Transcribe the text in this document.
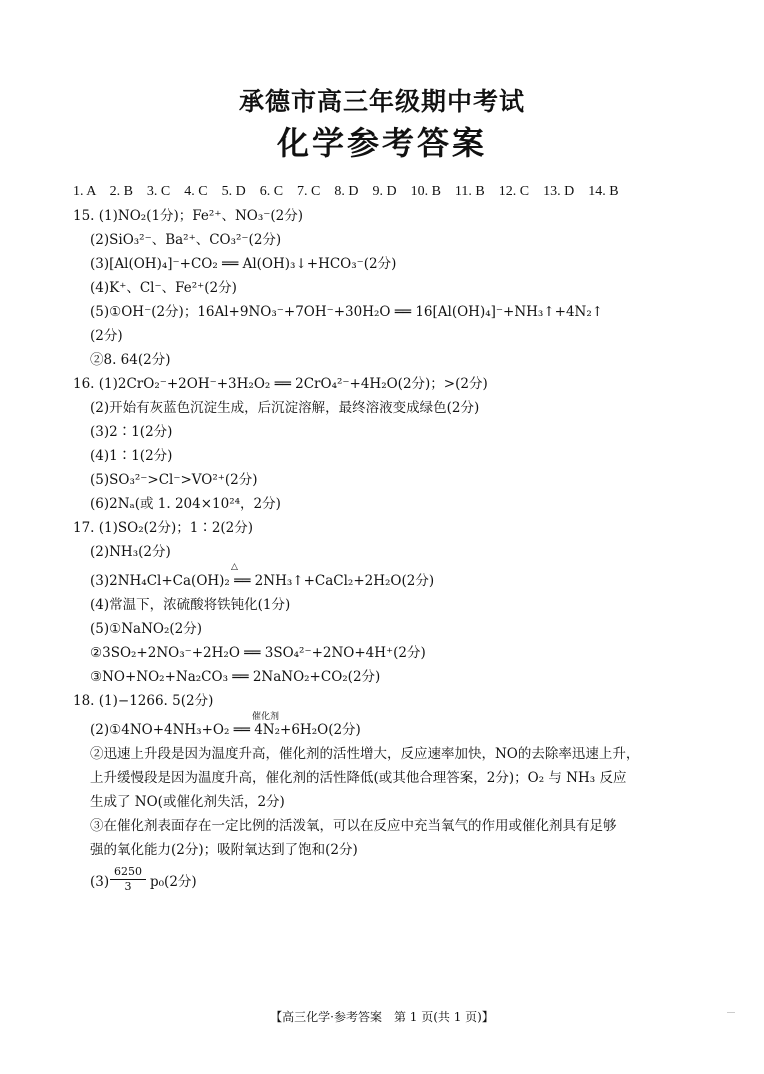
承德市高三年级期中考试
化学参考答案
1. A　2. B　3. C　4. C　5. D　6. C　7. C　8. D　9. D　10. B　11. B　12. C　13. D　14. B
15. (1)NO₂(1分)；Fe²⁺、NO₃⁻(2分)
(2)SiO₃²⁻、Ba²⁺、CO₃²⁻(2分)
(3)[Al(OH)₄]⁻+CO₂ ══ Al(OH)₃↓+HCO₃⁻(2分)
(4)K⁺、Cl⁻、Fe²⁺(2分)
(5)①OH⁻(2分)；16Al+9NO₃⁻+7OH⁻+30H₂O ══ 16[Al(OH)₄]⁻+NH₃↑+4N₂↑
(2分)
②8. 64(2分)
16. (1)2CrO₂⁻+2OH⁻+3H₂O₂ ══ 2CrO₄²⁻+4H₂O(2分)；>(2分)
(2)开始有灰蓝色沉淀生成，后沉淀溶解，最终溶液变成绿色(2分)
(3)2∶1(2分)
(4)1∶1(2分)
(5)SO₃²⁻>Cl⁻>VO²⁺(2分)
(6)2Nₐ(或 1. 204×10²⁴，2分)
17. (1)SO₂(2分)；1∶2(2分)
(2)NH₃(2分)
△
(3)2NH₄Cl+Ca(OH)₂ ══ 2NH₃↑+CaCl₂+2H₂O(2分)
(4)常温下，浓硫酸将铁钝化(1分)
(5)①NaNO₂(2分)
②3SO₂+2NO₃⁻+2H₂O ══ 3SO₄²⁻+2NO+4H⁺(2分)
③NO+NO₂+Na₂CO₃ ══ 2NaNO₂+CO₂(2分)
18. (1)−1266. 5(2分)
催化剂
(2)①4NO+4NH₃+O₂ ══ 4N₂+6H₂O(2分)
②迅速上升段是因为温度升高，催化剂的活性增大，反应速率加快，NO的去除率迅速上升，
上升缓慢段是因为温度升高，催化剂的活性降低(或其他合理答案，2分)；O₂ 与 NH₃ 反应
生成了 NO(或催化剂失活，2分)
③在催化剂表面存在一定比例的活泼氧，可以在反应中充当氧气的作用或催化剂具有足够
强的氧化能力(2分)；吸附氧达到了饱和(2分)
$(3) \frac{6250}{3} p_0(2$分)
【高三化学·参考答案　第 1 页(共 1 页)】
